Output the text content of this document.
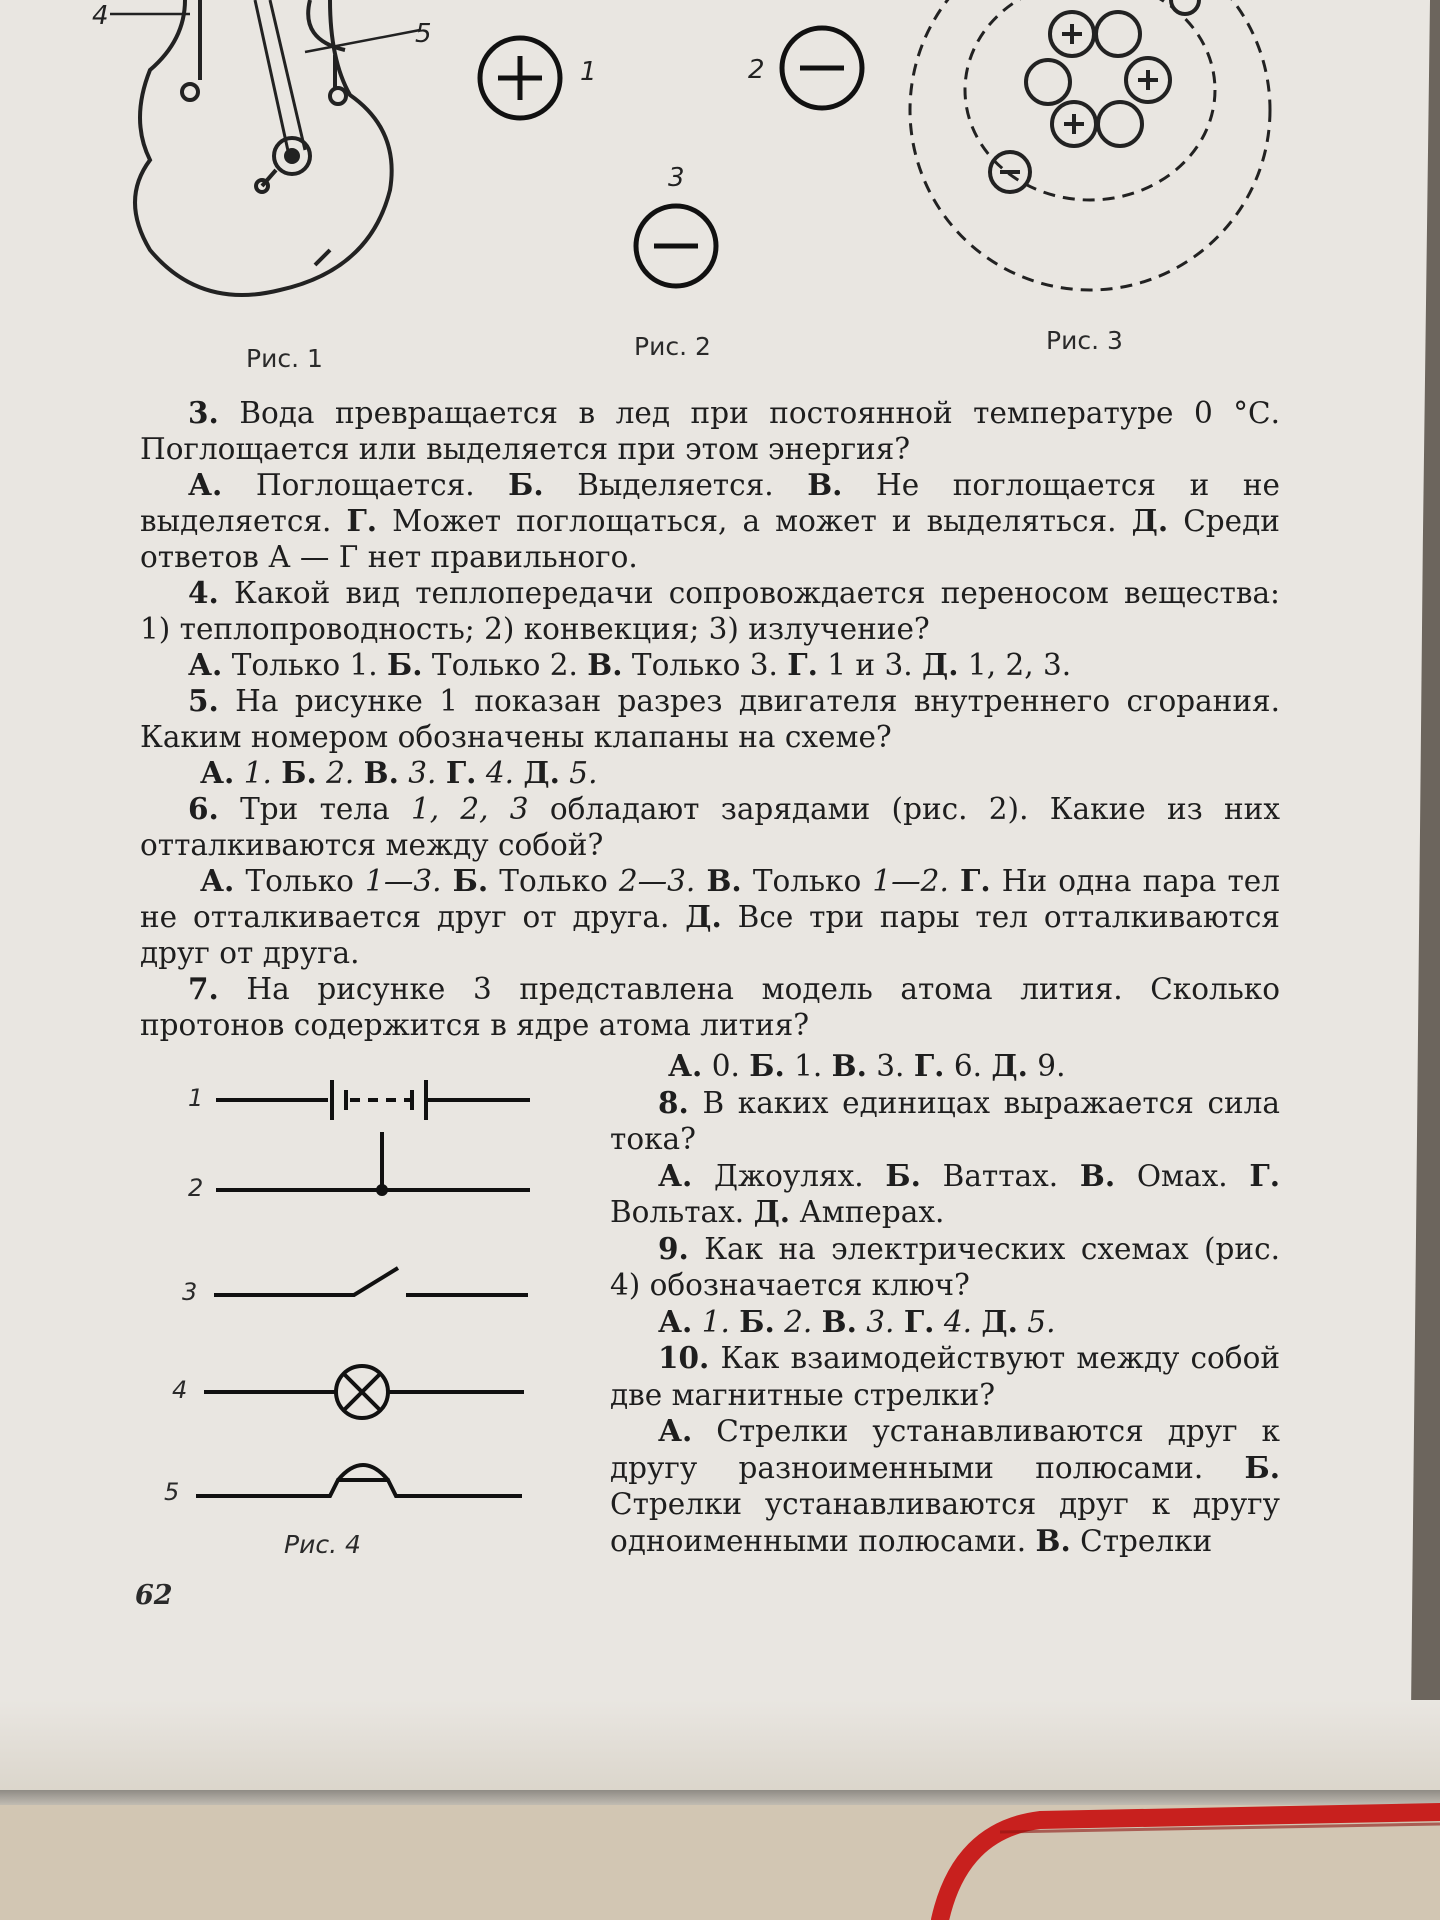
4
5
1	2
3
Рис. 1	Рис. 2	Рис. 3

3. Вода превращается в лед при постоянной температуре 0 °С. Поглощается или выделяется при этом энергия?

А. Поглощается. Б. Выделяется. В. Не поглощается и не выделяется. Г. Может поглощаться, а может и выделяться. Д. Среди ответов А — Г нет правильного.

4. Какой вид теплопередачи сопровождается переносом вещества: 1) теплопроводность; 2) конвекция; 3) излучение?

А. Только 1. Б. Только 2. В. Только 3. Г. 1 и 3. Д. 1, 2, 3.

5. На рисунке 1 показан разрез двигателя внутреннего сгорания. Каким номером обозначены клапаны на схеме?

А. 1. Б. 2. В. 3. Г. 4. Д. 5.

6. Три тела 1, 2, 3 обладают зарядами (рис. 2). Какие из них отталкиваются между собой?

А. Только 1—3. Б. Только 2—3. В. Только 1—2. Г. Ни одна пара тел не отталкивается друг от друга. Д. Все три пары тел отталкиваются друг от друга.

7. На рисунке 3 представлена модель атома лития. Сколько протонов содержится в ядре атома лития?

А. 0. Б. 1. В. 3. Г. 6. Д. 9.

8. В каких единицах выражается сила тока?

А. Джоулях. Б. Ваттах. В. Омах. Г. Вольтах. Д. Амперах.

9. Как на электрических схемах (рис. 4) обозначается ключ?

А. 1. Б. 2. В. 3. Г. 4. Д. 5.

10. Как взаимодействуют между собой две магнитные стрелки?

А. Стрелки устанавливаются друг к другу разноименными полюсами. Б. Стрелки устанавливаются друг к другу одноименными полюсами. В. Стрелки

1
2
3
4
5
Рис. 4
62
